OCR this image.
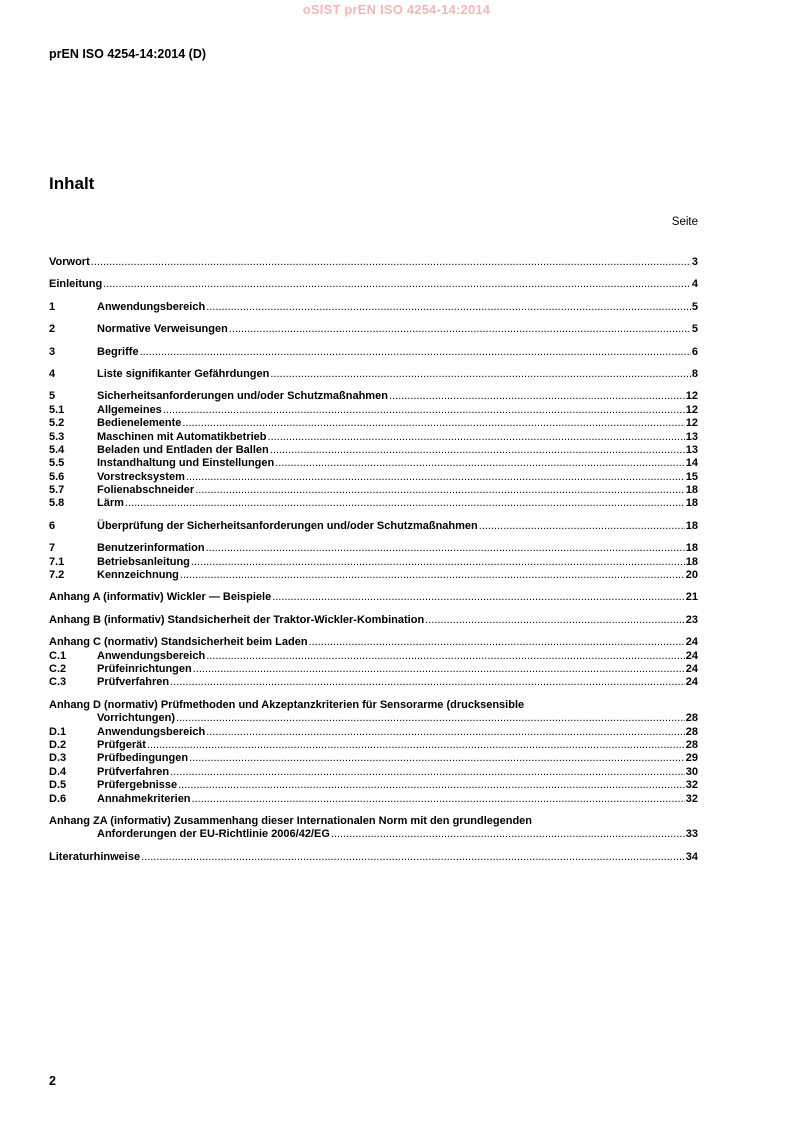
oSIST prEN ISO 4254-14:2014
prEN ISO 4254-14:2014 (D)
Inhalt
Seite
Vorwort .....	3
Einleitung .....	4
1	Anwendungsbereich .....	5
2	Normative Verweisungen .....	5
3	Begriffe .....	6
4	Liste signifikanter Gefährdungen .....	8
5	Sicherheitsanforderungen und/oder Schutzmaßnahmen .....	12
5.1	Allgemeines .....	12
5.2	Bedienelemente .....	12
5.3	Maschinen mit Automatikbetrieb .....	13
5.4	Beladen und Entladen der Ballen .....	13
5.5	Instandhaltung und Einstellungen .....	14
5.6	Vorstrecksystem .....	15
5.7	Folienabschneider .....	18
5.8	Lärm .....	18
6	Überprüfung der Sicherheitsanforderungen und/oder Schutzmaßnahmen .....	18
7	Benutzerinformation .....	18
7.1	Betriebsanleitung .....	18
7.2	Kennzeichnung .....	20
Anhang A (informativ) Wickler — Beispiele .....	21
Anhang B (informativ) Standsicherheit der Traktor-Wickler-Kombination .....	23
Anhang C (normativ) Standsicherheit beim Laden .....	24
C.1	Anwendungsbereich .....	24
C.2	Prüfeinrichtungen .....	24
C.3	Prüfverfahren .....	24
Anhang D (normativ) Prüfmethoden und Akzeptanzkriterien für Sensorarme (drucksensible
Vorrichtungen) .....	28
D.1	Anwendungsbereich .....	28
D.2	Prüfgerät .....	28
D.3	Prüfbedingungen .....	29
D.4	Prüfverfahren .....	30
D.5	Prüfergebnisse .....	32
D.6	Annahmekriterien .....	32
Anhang ZA (informativ) Zusammenhang dieser Internationalen Norm mit den grundlegenden
Anforderungen der EU-Richtlinie 2006/42/EG .....	33
Literaturhinweise .....	34
2
